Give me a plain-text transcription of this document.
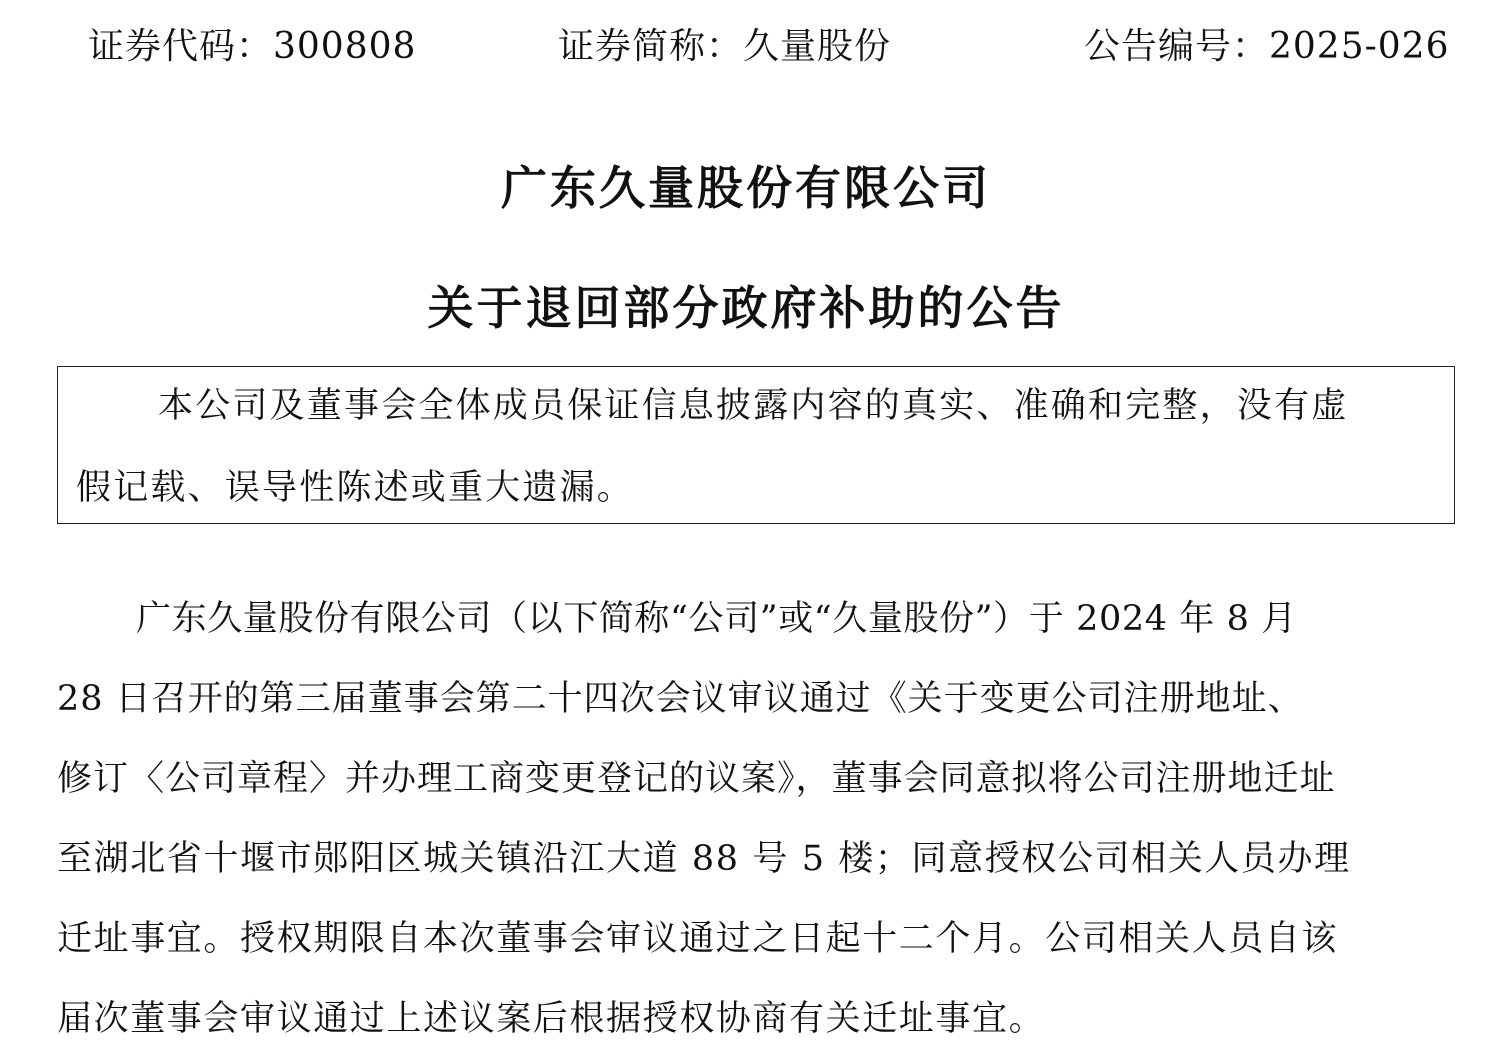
证券代码：300808	证券简称：久量股份	公告编号：2025-026
广东久量股份有限公司
关于退回部分政府补助的公告
本公司及董事会全体成员保证信息披露内容的真实、准确和完整，没有虚
假记载、误导性陈述或重大遗漏。
广东久量股份有限公司（以下简称“公司”或“久量股份”）于 2024 年 8 月
28 日召开的第三届董事会第二十四次会议审议通过《关于变更公司注册地址、
修订〈公司章程〉并办理工商变更登记的议案》，董事会同意拟将公司注册地迁址
至湖北省十堰市郧阳区城关镇沿江大道 88 号 5 楼；同意授权公司相关人员办理
迁址事宜。授权期限自本次董事会审议通过之日起十二个月。公司相关人员自该
届次董事会审议通过上述议案后根据授权协商有关迁址事宜。
